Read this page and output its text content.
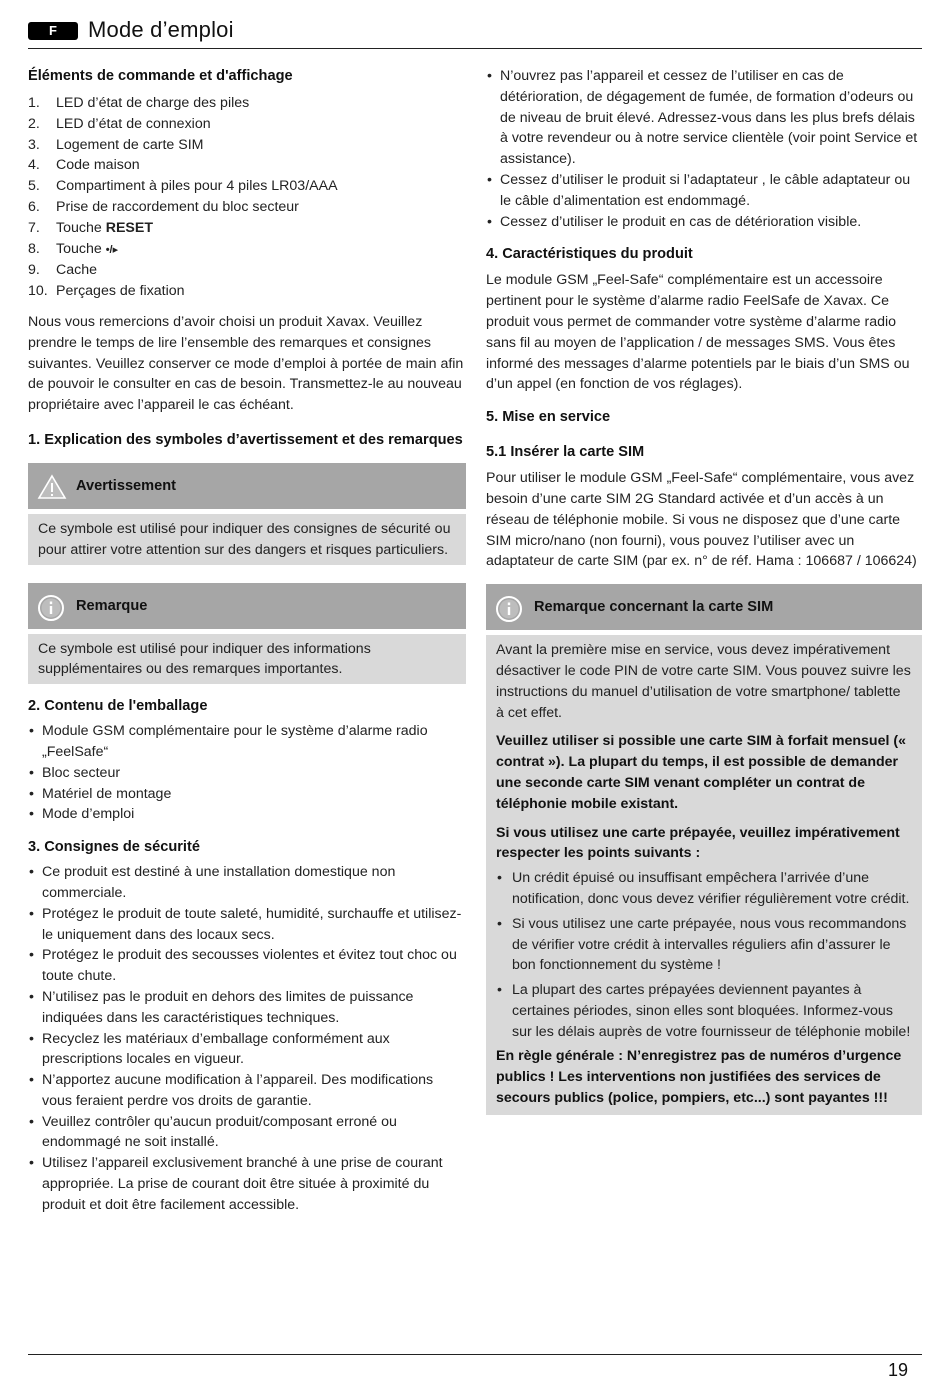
F	Mode d’emploi
Éléments de commande et d'affichage
1. LED d’état de charge des piles
2. LED d’état de connexion
3. Logement de carte SIM
4. Code maison
5. Compartiment à piles pour 4 piles LR03/AAA
6. Prise de raccordement du bloc secteur
7. Touche RESET
8. Touche •/▸
9. Cache
10. Perçages de fixation

Nous vous remercions d’avoir choisi un produit Xavax. Veuillez prendre le temps de lire l’ensemble des remarques et consignes suivantes. Veuillez conserver ce mode d’emploi à portée de main afin de pouvoir le consulter en cas de besoin. Transmettez-le au nouveau propriétaire avec l’appareil le cas échéant.

1. Explication des symboles d’avertissement et des remarques
Avertissement

Ce symbole est utilisé pour indiquer des consignes de sécurité ou pour attirer votre attention sur des dangers et risques particuliers.

Remarque

Ce symbole est utilisé pour indiquer des informations supplémentaires ou des remarques importantes.

2. Contenu de l'emballage
• Module GSM complémentaire pour le système d’alarme radio „FeelSafe“
• Bloc secteur
• Matériel de montage
• Mode d’emploi
3. Consignes de sécurité
• Ce produit est destiné à une installation domestique non commerciale.
• Protégez le produit de toute saleté, humidité, surchauffe et utilisez-le uniquement dans des locaux secs.
• Protégez le produit des secousses violentes et évitez tout choc ou toute chute.
• N’utilisez pas le produit en dehors des limites de puissance indiquées dans les caractéristiques techniques.
• Recyclez les matériaux d’emballage conformément aux prescriptions locales en vigueur.
• N’apportez aucune modification à l’appareil. Des modifications vous feraient perdre vos droits de garantie.
• Veuillez contrôler qu’aucun produit/composant erroné ou endommagé ne soit installé.
• Utilisez l’appareil exclusivement branché à une prise de courant appropriée. La prise de courant doit être située à proximité du produit et doit être facilement accessible.
• N’ouvrez pas l’appareil et cessez de l’utiliser en cas de détérioration, de dégagement de fumée, de formation d’odeurs ou de niveau de bruit élevé. Adressez-vous dans les plus brefs délais à votre revendeur ou à notre service clientèle (voir point Service et assistance).
• Cessez d’utiliser le produit si l’adaptateur , le câble adaptateur ou le câble d’alimentation est endommagé.
• Cessez d’utiliser le produit en cas de détérioration visible.
4. Caractéristiques du produit

Le module GSM „Feel-Safe“ complémentaire est un accessoire pertinent pour le système d’alarme radio FeelSafe de Xavax. Ce produit vous permet de commander votre système d’alarme radio sans fil au moyen de l’application / de messages SMS. Vous êtes informé des messages d’alarme potentiels par le biais d’un SMS ou d’un appel (en fonction de vos réglages).

5. Mise en service
5.1 Insérer la carte SIM

Pour utiliser le module GSM „Feel-Safe“ complémentaire, vous avez besoin d’une carte SIM 2G Standard activée et d’un accès à un réseau de téléphonie mobile. Si vous ne disposez que d’une carte SIM micro/nano (non fourni), vous pouvez l’utiliser avec un adaptateur de carte SIM (par ex. n° de réf. Hama : 106687 / 106624)

Remarque concernant la carte SIM

Avant la première mise en service, vous devez impérativement désactiver le code PIN de votre carte SIM. Vous pouvez suivre les instructions du manuel d’utilisation de votre smartphone/ tablette à cet effet.

Veuillez utiliser si possible une carte SIM à forfait mensuel (« contrat »). La plupart du temps, il est possible de demander une seconde carte SIM venant compléter un contrat de téléphonie mobile existant.

Si vous utilisez une carte prépayée, veuillez impérativement respecter les points suivants :

• Un crédit épuisé ou insuffisant empêchera l’arrivée d’une notification, donc vous devez vérifier régulièrement votre crédit.
• Si vous utilisez une carte prépayée, nous vous recommandons de vérifier votre crédit à intervalles réguliers afin d’assurer le bon fonctionnement du système !
• La plupart des cartes prépayées deviennent payantes à certaines périodes, sinon elles sont bloquées. Informez-vous sur les délais auprès de votre fournisseur de téléphonie mobile!

En règle générale : N’enregistrez pas de numéros d’urgence publics ! Les interventions non justifiées des services de secours publics (police, pompiers, etc...) sont payantes !!!

19
